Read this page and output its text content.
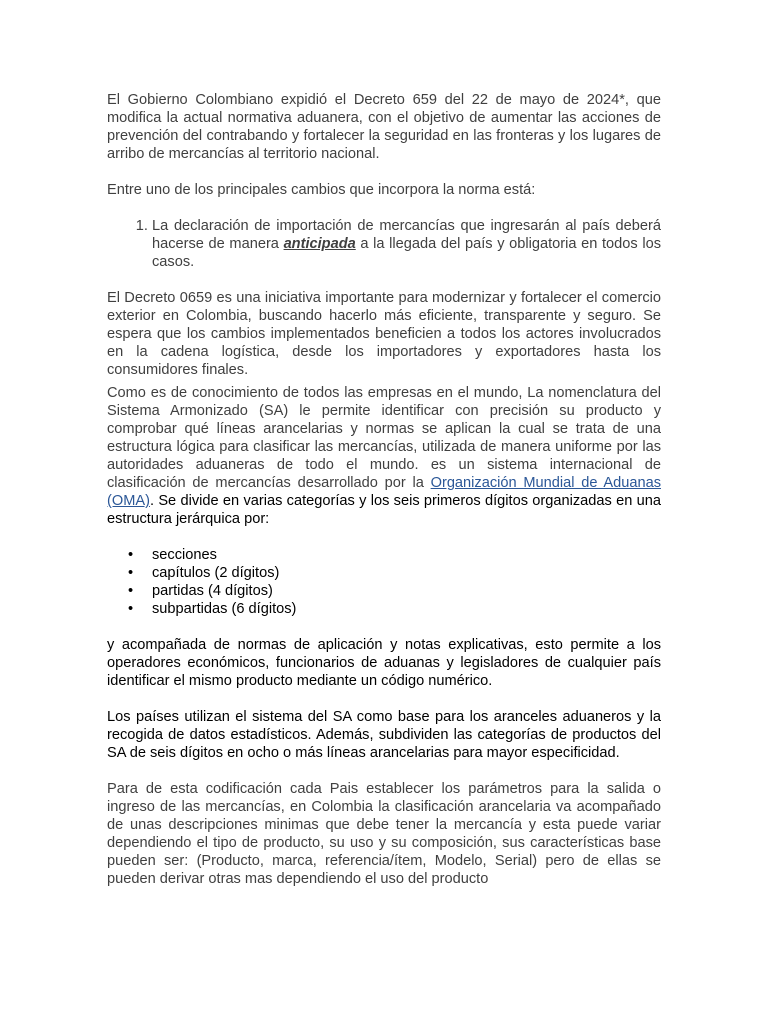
El Gobierno Colombiano expidió el Decreto 659 del 22 de mayo de 2024*, que modifica la actual normativa aduanera, con el objetivo de aumentar las acciones de prevención del contrabando y fortalecer la seguridad en las fronteras y los lugares de arribo de mercancías al territorio nacional.

Entre uno de los principales cambios que incorpora la norma está:

1. La declaración de importación de mercancías que ingresarán al país deberá hacerse de manera anticipada a la llegada del país y obligatoria en todos los casos.

El Decreto 0659 es una iniciativa importante para modernizar y fortalecer el comercio exterior en Colombia, buscando hacerlo más eficiente, transparente y seguro. Se espera que los cambios implementados beneficien a todos los actores involucrados en la cadena logística, desde los importadores y exportadores hasta los consumidores finales.

Como es de conocimiento de todos las empresas en el mundo, La nomenclatura del Sistema Armonizado (SA) le permite identificar con precisión su producto y comprobar qué líneas arancelarias y normas se aplican la cual se trata de una estructura lógica para clasificar las mercancías, utilizada de manera uniforme por las autoridades aduaneras de todo el mundo. es un sistema internacional de clasificación de mercancías desarrollado por la Organización Mundial de Aduanas (OMA). Se divide en varias categorías y los seis primeros dígitos organizadas en una estructura jerárquica por:

• secciones
• capítulos (2 dígitos)
• partidas (4 dígitos)
• subpartidas (6 dígitos)

y acompañada de normas de aplicación y notas explicativas, esto permite a los operadores económicos, funcionarios de aduanas y legisladores de cualquier país identificar el mismo producto mediante un código numérico.

Los países utilizan el sistema del SA como base para los aranceles aduaneros y la recogida de datos estadísticos. Además, subdividen las categorías de productos del SA de seis dígitos en ocho o más líneas arancelarias para mayor especificidad.

Para de esta codificación cada Pais establecer los parámetros para la salida o ingreso de las mercancías, en Colombia la clasificación arancelaria va acompañado de unas descripciones minimas que debe tener la mercancía y esta puede variar dependiendo el tipo de producto, su uso y su composición, sus características base pueden ser: (Producto, marca, referencia/ítem, Modelo, Serial) pero de ellas se pueden derivar otras mas dependiendo el uso del producto
